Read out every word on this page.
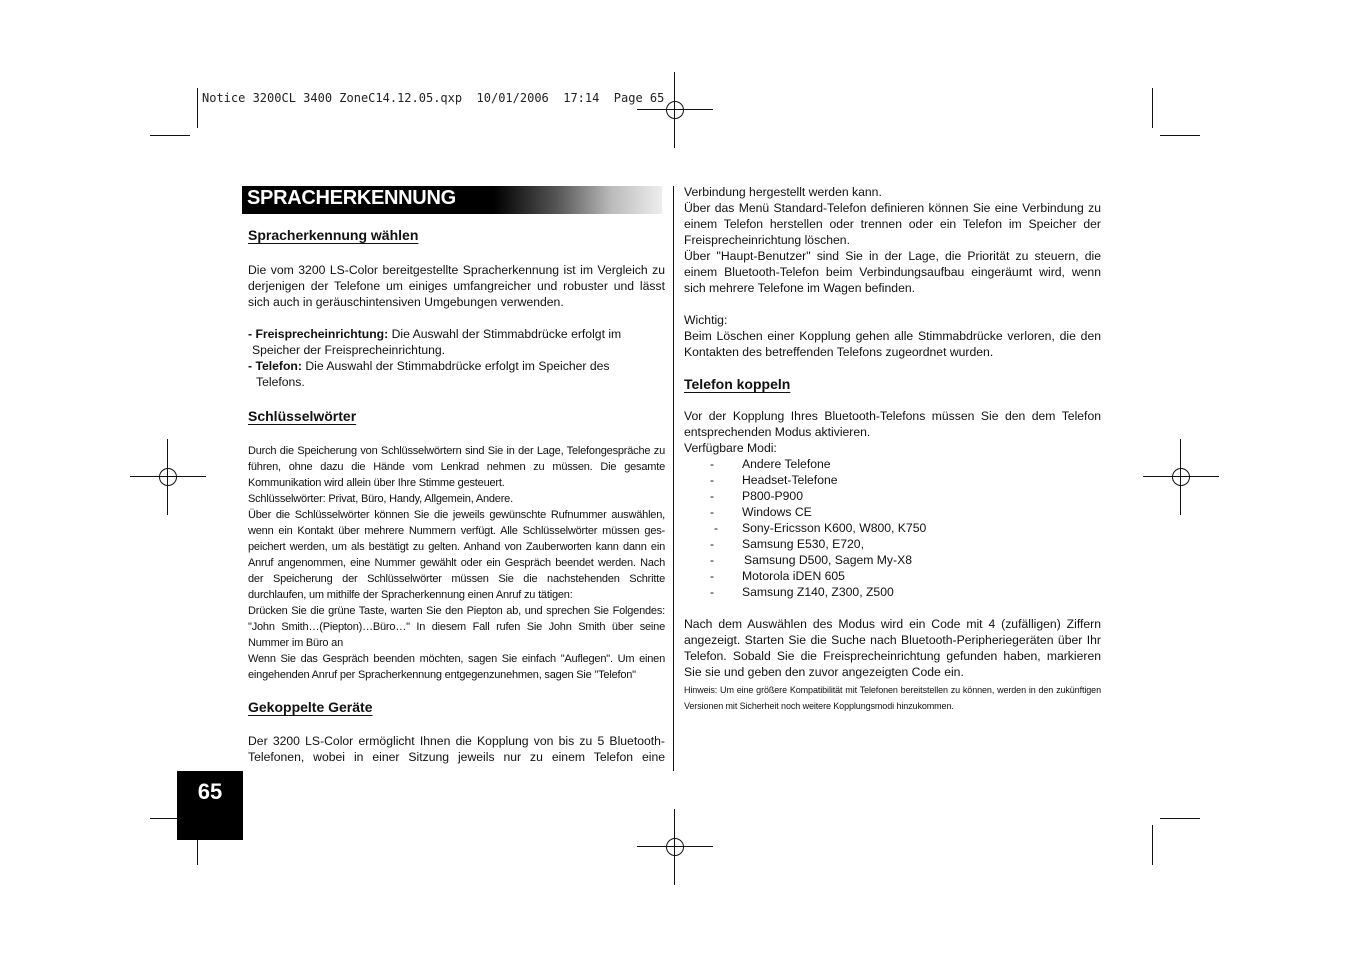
Notice 3200CL 3400 ZoneC14.12.05.qxp  10/01/2006  17:14  Page 65
SPRACHERKENNUNG
Spracherkennung wählen

Die vom 3200 LS-Color bereitgestellte Spracherkennung ist im Vergleich zu derjenigen der Telefone um einiges umfangreicher und robuster und lässt sich auch in geräuschintensiven Umgebungen verwenden.

- Freisprecheinrichtung: Die Auswahl der Stimmabdrücke erfolgt im

Speicher der Freisprecheinrichtung.

- Telefon: Die Auswahl der Stimmabdrücke erfolgt im Speicher des

Telefons.

Schlüsselwörter

Durch die Speicherung von Schlüsselwörtern sind Sie in der Lage, Telefongespräche zu führen, ohne dazu die Hände vom Lenkrad nehmen zu müssen. Die gesamte Kommunikation wird allein über Ihre Stimme gesteuert.

Schlüsselwörter: Privat, Büro, Handy, Allgemein, Andere.

Über die Schlüsselwörter können Sie die jeweils gewünschte Rufnummer auswählen, wenn ein Kontakt über mehrere Nummern verfügt. Alle Schlüsselwörter müssen ges-peichert werden, um als bestätigt zu gelten. Anhand von Zauberworten kann dann ein Anruf angenommen, eine Nummer gewählt oder ein Gespräch beendet werden. Nach der Speicherung der Schlüsselwörter müssen Sie die nachstehenden Schritte durchlaufen, um mithilfe der Spracherkennung einen Anruf zu tätigen:

Drücken Sie die grüne Taste, warten Sie den Piepton ab, und sprechen Sie Folgendes: "John Smith…(Piepton)…Büro…" In diesem Fall rufen Sie John Smith über seine Nummer im Büro an

Wenn Sie das Gespräch beenden möchten, sagen Sie einfach "Auflegen". Um einen eingehenden Anruf per Spracherkennung entgegenzunehmen, sagen Sie "Telefon"

Gekoppelte Geräte

Der 3200 LS-Color ermöglicht Ihnen die Kopplung von bis zu 5 Bluetooth-Telefonen, wobei in einer Sitzung jeweils nur zu einem Telefon eine

65

Verbindung hergestellt werden kann.

Über das Menü Standard-Telefon definieren können Sie eine Verbindung zu einem Telefon herstellen oder trennen oder ein Telefon im Speicher der Freisprecheinrichtung löschen.

Über "Haupt-Benutzer" sind Sie in der Lage, die Priorität zu steuern, die einem Bluetooth-Telefon beim Verbindungsaufbau eingeräumt wird, wenn sich mehrere Telefone im Wagen befinden.

Wichtig:

Beim Löschen einer Kopplung gehen alle Stimmabdrücke verloren, die den Kontakten des betreffenden Telefons zugeordnet wurden.

Telefon koppeln

Vor der Kopplung Ihres Bluetooth-Telefons müssen Sie den dem Telefon entsprechenden Modus aktivieren.

Verfügbare Modi:

- Andere Telefone
- Headset-Telefone
- P800-P900
- Windows CE
- Sony-Ericsson K600, W800, K750
- Samsung E530, E720,
- Samsung D500, Sagem My-X8
- Motorola iDEN 605
- Samsung Z140, Z300, Z500

Nach dem Auswählen des Modus wird ein Code mit 4 (zufälligen) Ziffern angezeigt. Starten Sie die Suche nach Bluetooth-Peripheriegeräten über Ihr Telefon. Sobald Sie die Freisprecheinrichtung gefunden haben, markieren Sie sie und geben den zuvor angezeigten Code ein.

Hinweis: Um eine größere Kompatibilität mit Telefonen bereitstellen zu können, werden in den zukünftigen Versionen mit Sicherheit noch weitere Kopplungsmodi hinzukommen.
